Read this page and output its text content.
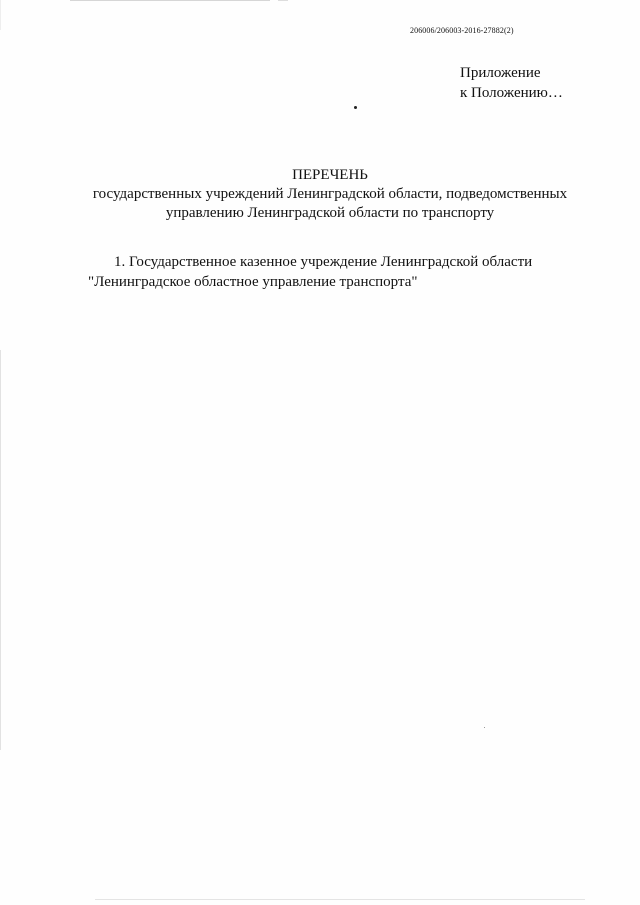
206006/206003-2016-27882(2)
Приложение
к Положению…
ПЕРЕЧЕНЬ
государственных учреждений Ленинградской области, подведомственных
управлению Ленинградской области по транспорту
1. Государственное казенное учреждение Ленинградской области
"Ленинградское областное управление транспорта"
